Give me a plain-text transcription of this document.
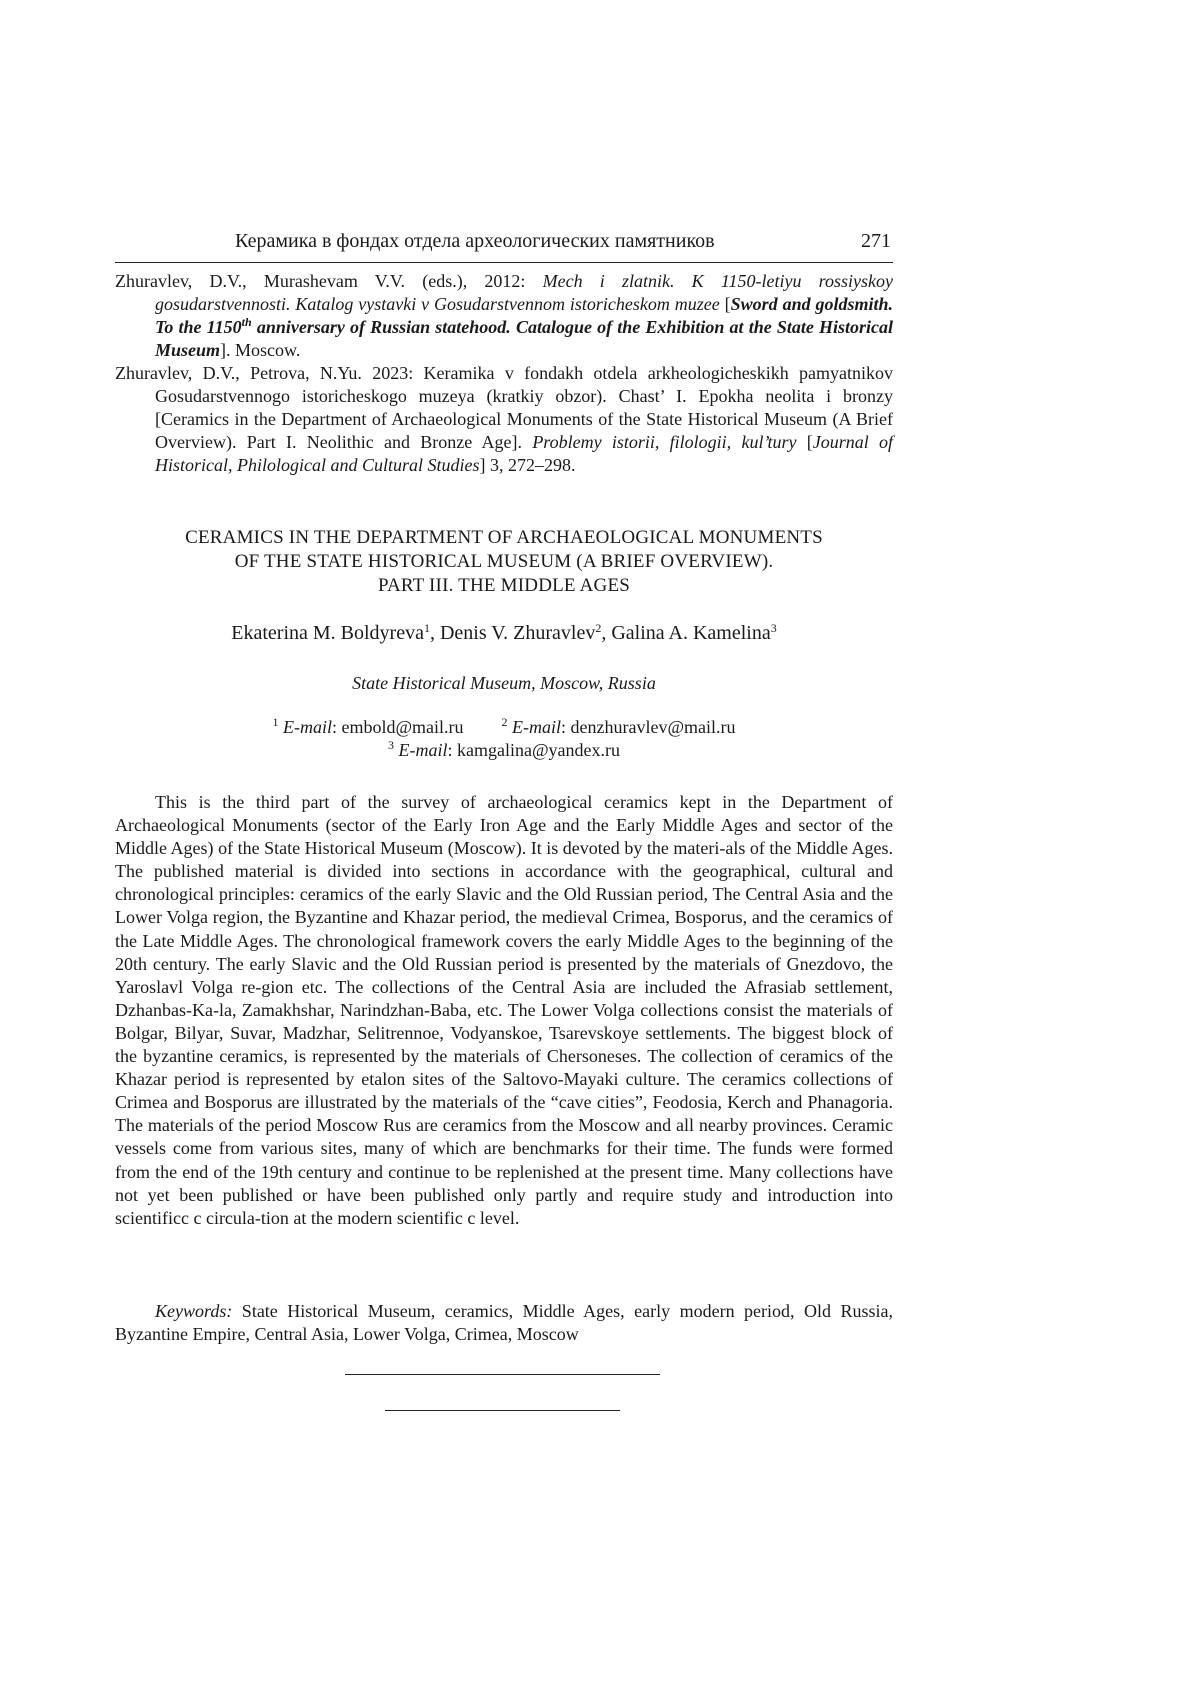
Керамика в фондах отдела археологических памятников	271
Zhuravlev, D.V., Murashevam V.V. (eds.), 2012: Mech i zlatnik. K 1150-letiyu rossiyskoy gosudarstvennosti. Katalog vystavki v Gosudarstvennom istoricheskom muzee [Sword and goldsmith. To the 1150th anniversary of Russian statehood. Catalogue of the Exhibition at the State Historical Museum]. Moscow.
Zhuravlev, D.V., Petrova, N.Yu. 2023: Keramika v fondakh otdela arkheologicheskikh pamyatnikov Gosudarstvennogo istoricheskogo muzeya (kratkiy obzor). Chast’ I. Epokha neolita i bronzy [Ceramics in the Department of Archaeological Monuments of the State Historical Museum (A Brief Overview). Part I. Neolithic and Bronze Age]. Problemy istorii, filologii, kul’tury [Journal of Historical, Philological and Cultural Studies] 3, 272–298.
CERAMICS IN THE DEPARTMENT OF ARCHAEOLOGICAL MONUMENTS
OF THE STATE HISTORICAL MUSEUM (A BRIEF OVERVIEW).
PART III. THE MIDDLE AGES
Ekaterina M. Boldyreva$^1$, Denis V. Zhuravlev$^2$, Galina A. Kamelina$^3$
State Historical Museum, Moscow, Russia
$^1$ E-mail: embold@mail.ru	$^2$ E-mail: denzhuravlev@mail.ru
$^3$ E-mail: kamgalina@yandex.ru

This is the third part of the survey of archaeological ceramics kept in the Department of Archaeological Monuments (sector of the Early Iron Age and the Early Middle Ages and sector of the Middle Ages) of the State Historical Museum (Moscow). It is devoted by the materi-als of the Middle Ages. The published material is divided into sections in accordance with the geographical, cultural and chronological principles: ceramics of the early Slavic and the Old Russian period, The Central Asia and the Lower Volga region, the Byzantine and Khazar period, the medieval Crimea, Bosporus, and the ceramics of the Late Middle Ages. The chronological framework covers the early Middle Ages to the beginning of the 20th century. The early Slavic and the Old Russian period is presented by the materials of Gnezdovo, the Yaroslavl Volga re-gion etc. The collections of the Central Asia are included the Afrasiab settlement, Dzhanbas-Ka-la, Zamakhshar, Narindzhan-Baba, etc. The Lower Volga collections consist the materials of Bolgar, Bilyar, Suvar, Madzhar, Selitrennoe, Vodyanskoe, Tsarevskoye settlements. The biggest block of the byzantine ceramics, is represented by the materials of Chersoneses. The collection of ceramics of the Khazar period is represented by etalon sites of the Saltovo-Mayaki culture. The ceramics collections of Crimea and Bosporus are illustrated by the materials of the “cave cities”, Feodosia, Kerch and Phanagoria. The materials of the period Moscow Rus are ceramics from the Moscow and all nearby provinces. Ceramic vessels come from various sites, many of which are benchmarks for their time. The funds were formed from the end of the 19th century and continue to be replenished at the present time. Many collections have not yet been published or have been published only partly and require study and introduction into scientificc c circula-tion at the modern scientific c level.

Keywords: State Historical Museum, ceramics, Middle Ages, early modern period, Old Russia, Byzantine Empire, Central Asia, Lower Volga, Crimea, Moscow
